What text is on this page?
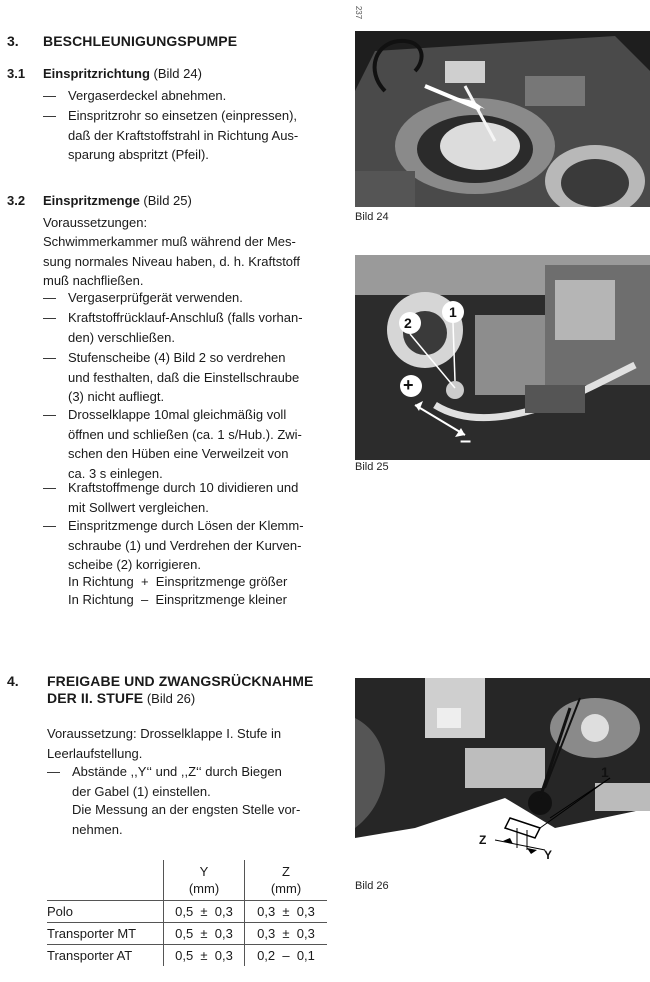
3. BESCHLEUNIGUNGSPUMPE
3.1 Einspritzrichtung (Bild 24)
— Vergaserdeckel abnehmen.
— Einspritzrohr so einsetzen (einpressen),
daß der Kraftstoffstrahl in Richtung Aus-
sparung abspritzt (Pfeil).
3.2 Einspritzmenge (Bild 25)
Voraussetzungen:
Schwimmerkammer muß während der Mes-
sung normales Niveau haben, d. h. Kraftstoff
muß nachfließen.
— Vergaserprüfgerät verwenden.
— Kraftstoffrücklauf-Anschluß (falls vorhan-
den) verschließen.
— Stufenscheibe (4) Bild 2 so verdrehen
und festhalten, daß die Einstellschraube
(3) nicht aufliegt.
— Drosselklappe 10mal gleichmäßig voll
öffnen und schließen (ca. 1 s/Hub.). Zwi-
schen den Hüben eine Verweilzeit von
ca. 3 s einlegen.
— Kraftstoffmenge durch 10 dividieren und
mit Sollwert vergleichen.
— Einspritzmenge durch Lösen der Klemm-
schraube (1) und Verdrehen der Kurven-
scheibe (2) korrigieren.
In Richtung  +  Einspritzmenge größer
In Richtung  –  Einspritzmenge kleiner
4. FREIGABE UND ZWANGSRÜCKNAHME
DER II. STUFE (Bild 26)
Voraussetzung: Drosselklappe I. Stufe in
Leerlaufstellung.
— Abstände ,,Y‘‘ und ,,Z‘‘ durch Biegen
der Gabel (1) einstellen.
Die Messung an der engsten Stelle vor-
nehmen.
	Y
(mm)	Z
(mm)
Polo	0,5  ±  0,3	0,3  ±  0,3
Transporter MT	0,5  ±  0,3	0,3  ±  0,3
Transporter AT	0,5  ±  0,3	0,2  –  0,1
237
Bild 24
2
1
+
–
Bild 25
1
Z
Y
Bild 26
